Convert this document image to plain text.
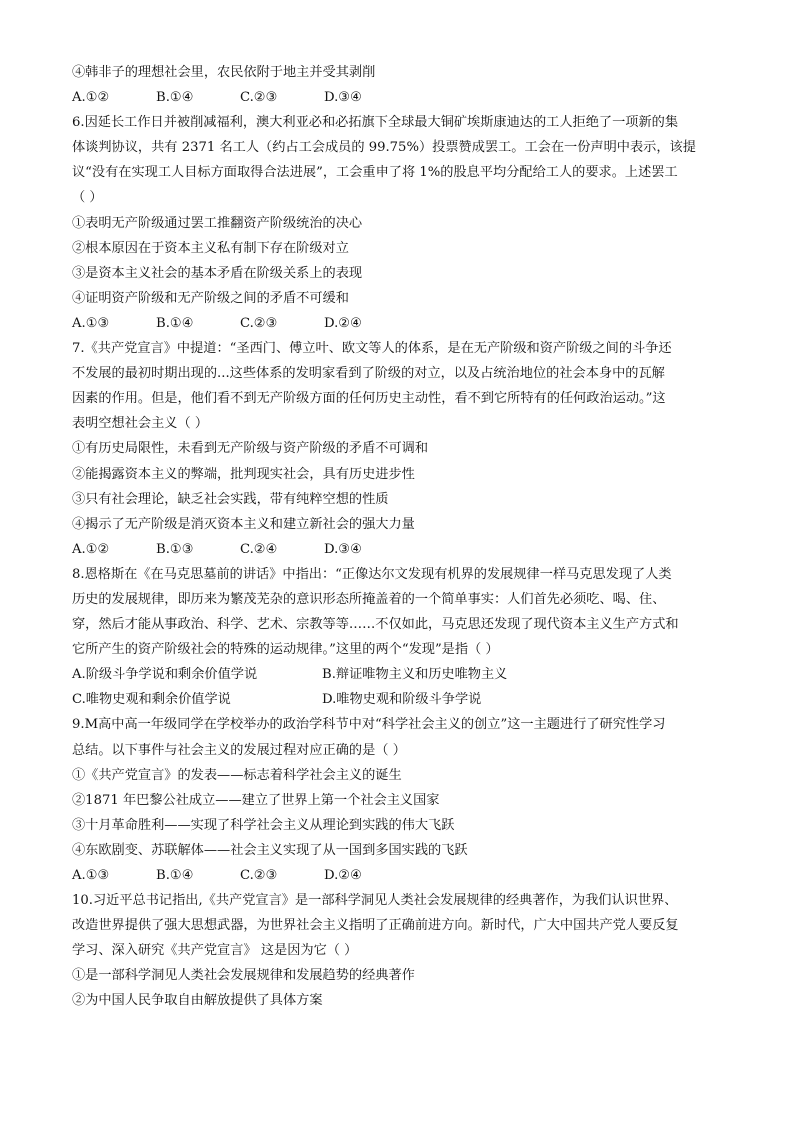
④韩非子的理想社会里，农民依附于地主并受其剥削
A.①②	B.①④	C.②③	D.③④
6.因延长工作日并被削减福利，澳大利亚必和必拓旗下全球最大铜矿埃斯康迪达的工人拒绝了一项新的集
体谈判协议，共有 2371 名工人（约占工会成员的 99.75%）投票赞成罢工。工会在一份声明中表示，该提
议“没有在实现工人目标方面取得合法进展”，工会重申了将 1%的股息平均分配给工人的要求。上述罢工
（ ）
①表明无产阶级通过罢工推翻资产阶级统治的决心
②根本原因在于资本主义私有制下存在阶级对立
③是资本主义社会的基本矛盾在阶级关系上的表现
④证明资产阶级和无产阶级之间的矛盾不可缓和
A.①③	B.①④	C.②③	D.②④
7.《共产党宣言》中提道：“圣西门、傅立叶、欧文等人的体系，是在无产阶级和资产阶级之间的斗争还
不发展的最初时期出现的...这些体系的发明家看到了阶级的对立，以及占统治地位的社会本身中的瓦解
因素的作用。但是，他们看不到无产阶级方面的任何历史主动性，看不到它所特有的任何政治运动。”这
表明空想社会主义（ ）
①有历史局限性，未看到无产阶级与资产阶级的矛盾不可调和
②能揭露资本主义的弊端，批判现实社会，具有历史进步性
③只有社会理论，缺乏社会实践，带有纯粹空想的性质
④揭示了无产阶级是消灭资本主义和建立新社会的强大力量
A.①②	B.①③	C.②④	D.③④
8.恩格斯在《在马克思墓前的讲话》中指出：“正像达尔文发现有机界的发展规律一样马克思发现了人类
历史的发展规律，即历来为繁茂芜杂的意识形态所掩盖着的一个简单事实：人们首先必须吃、喝、住、
穿，然后才能从事政治、科学、艺术、宗教等等……不仅如此，马克思还发现了现代资本主义生产方式和
它所产生的资产阶级社会的特殊的运动规律。”这里的两个“发现”是指（ ）
A.阶级斗争学说和剩余价值学说	B.辩证唯物主义和历史唯物主义
C.唯物史观和剩余价值学说	D.唯物史观和阶级斗争学说
9.M高中高一年级同学在学校举办的政治学科节中对“科学社会主义的创立”这一主题进行了研究性学习
总结。以下事件与社会主义的发展过程对应正确的是（ ）
①《共产党宣言》的发表——标志着科学社会主义的诞生
②1871 年巴黎公社成立——建立了世界上第一个社会主义国家
③十月革命胜利——实现了科学社会主义从理论到实践的伟大飞跃
④东欧剧变、苏联解体——社会主义实现了从一国到多国实践的飞跃
A.①③	B.①④	C.②③	D.②④
10.习近平总书记指出,《共产党宣言》是一部科学洞见人类社会发展规律的经典著作，为我们认识世界、
改造世界提供了强大思想武器，为世界社会主义指明了正确前进方向。新时代，广大中国共产党人要反复
学习、深入研究《共产党宣言》 这是因为它（ ）
①是一部科学洞见人类社会发展规律和发展趋势的经典著作
②为中国人民争取自由解放提供了具体方案
